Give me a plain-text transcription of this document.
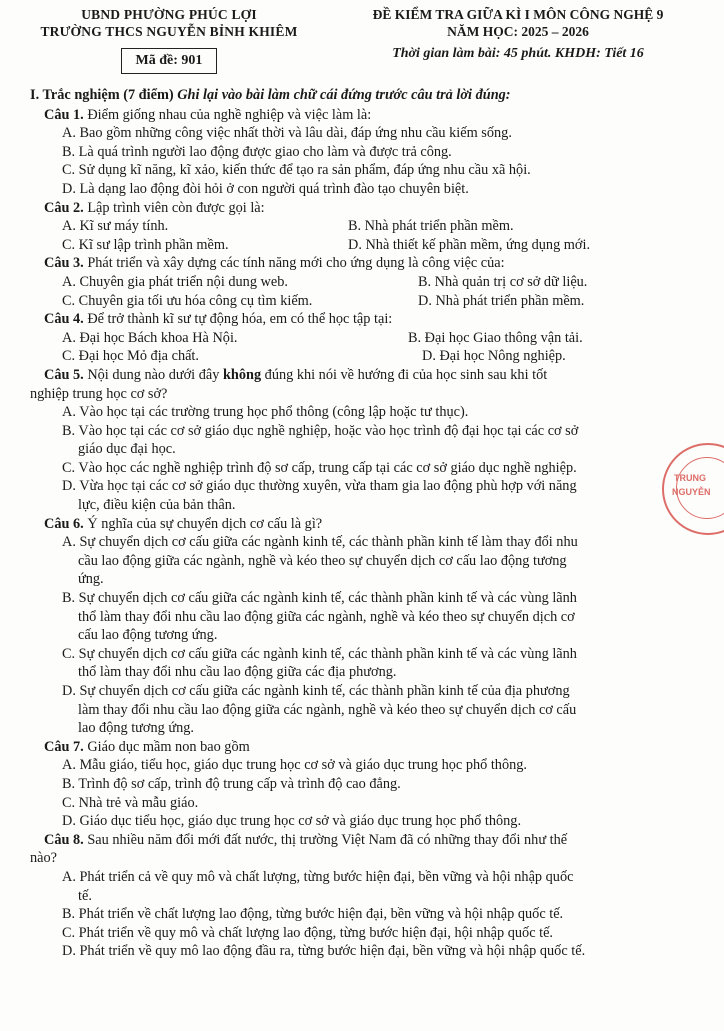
UBND PHƯỜNG PHÚC LỢI
TRƯỜNG THCS NGUYỄN BỈNH KHIÊM
Mã đề: 901
ĐỀ KIỂM TRA GIỮA KÌ I MÔN CÔNG NGHỆ 9
NĂM HỌC: 2025 – 2026
Thời gian làm bài: 45 phút. KHDH: Tiết 16
I. Trắc nghiệm (7 điểm) Ghi lại vào bài làm chữ cái đứng trước câu trả lời đúng:
Câu 1. Điểm giống nhau của nghề nghiệp và việc làm là:
A. Bao gồm những công việc nhất thời và lâu dài, đáp ứng nhu cầu kiếm sống.
B. Là quá trình người lao động được giao cho làm và được trả công.
C. Sử dụng kĩ năng, kĩ xảo, kiến thức để tạo ra sản phẩm, đáp ứng nhu cầu xã hội.
D. Là dạng lao động đòi hỏi ở con người quá trình đào tạo chuyên biệt.
Câu 2. Lập trình viên còn được gọi là:
A. Kĩ sư máy tính.	B. Nhà phát triển phần mềm.
C. Kĩ sư lập trình phần mềm.	D. Nhà thiết kế phần mềm, ứng dụng mới.
Câu 3. Phát triển và xây dựng các tính năng mới cho ứng dụng là công việc của:
A. Chuyên gia phát triển nội dung web.	B. Nhà quản trị cơ sở dữ liệu.
C. Chuyên gia tối ưu hóa công cụ tìm kiếm.	D. Nhà phát triển phần mềm.
Câu 4. Để trở thành kĩ sư tự động hóa, em có thể học tập tại:
A. Đại học Bách khoa Hà Nội.	B. Đại học Giao thông vận tải.
C. Đại học Mỏ địa chất.	D. Đại học Nông nghiệp.
Câu 5. Nội dung nào dưới đây không đúng khi nói về hướng đi của học sinh sau khi tốt
nghiệp trung học cơ sở?
A. Vào học tại các trường trung học phổ thông (công lập hoặc tư thục).
B. Vào học tại các cơ sở giáo dục nghề nghiệp, hoặc vào học trình độ đại học tại các cơ sở
giáo dục đại học.
C. Vào học các nghề nghiệp trình độ sơ cấp, trung cấp tại các cơ sở giáo dục nghề nghiệp.
D. Vừa học tại các cơ sở giáo dục thường xuyên, vừa tham gia lao động phù hợp với năng
lực, điều kiện của bản thân.
Câu 6. Ý nghĩa của sự chuyển dịch cơ cấu là gì?
A. Sự chuyển dịch cơ cấu giữa các ngành kinh tế, các thành phần kinh tế làm thay đổi nhu
cầu lao động giữa các ngành, nghề và kéo theo sự chuyển dịch cơ cấu lao động tương
ứng.
B. Sự chuyển dịch cơ cấu giữa các ngành kinh tế, các thành phần kinh tế và các vùng lãnh
thổ làm thay đổi nhu cầu lao động giữa các ngành, nghề và kéo theo sự chuyển dịch cơ
cấu lao động tương ứng.
C. Sự chuyển dịch cơ cấu giữa các ngành kinh tế, các thành phần kinh tế và các vùng lãnh
thổ làm thay đổi nhu cầu lao động giữa các địa phương.
D. Sự chuyển dịch cơ cấu giữa các ngành kinh tế, các thành phần kinh tế của địa phương
làm thay đổi nhu cầu lao động giữa các ngành, nghề và kéo theo sự chuyển dịch cơ cấu
lao động tương ứng.
Câu 7. Giáo dục mầm non bao gồm
A. Mẫu giáo, tiểu học, giáo dục trung học cơ sở và giáo dục trung học phổ thông.
B. Trình độ sơ cấp, trình độ trung cấp và trình độ cao đẳng.
C. Nhà trẻ và mẫu giáo.
D. Giáo dục tiểu học, giáo dục trung học cơ sở và giáo dục trung học phổ thông.
Câu 8. Sau nhiều năm đổi mới đất nước, thị trường Việt Nam đã có những thay đổi như thế
nào?
A. Phát triển cả về quy mô và chất lượng, từng bước hiện đại, bền vững và hội nhập quốc
tế.
B. Phát triển về chất lượng lao động, từng bước hiện đại, bền vững và hội nhập quốc tế.
C. Phát triển về quy mô và chất lượng lao động, từng bước hiện đại, hội nhập quốc tế.
D. Phát triển về quy mô lao động đầu ra, từng bước hiện đại, bền vững và hội nhập quốc tế.
TRUNG
NGUYỄN
